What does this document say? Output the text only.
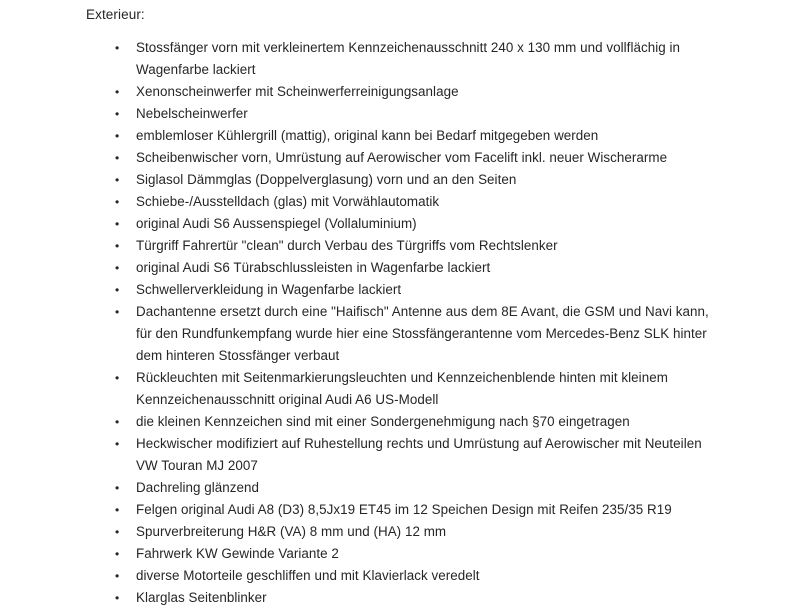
Exterieur:

• Stossfänger vorn mit verkleinertem Kennzeichenausschnitt 240 x 130 mm und vollflächig in Wagenfarbe lackiert
• Xenonscheinwerfer mit Scheinwerferreinigungsanlage
• Nebelscheinwerfer
• emblemloser Kühlergrill (mattig), original kann bei Bedarf mitgegeben werden
• Scheibenwischer vorn, Umrüstung auf Aerowischer vom Facelift inkl. neuer Wischerarme
• Siglasol Dämmglas (Doppelverglasung) vorn und an den Seiten
• Schiebe-/Ausstelldach (glas) mit Vorwählautomatik
• original Audi S6 Aussenspiegel (Vollaluminium)
• Türgriff Fahrertür "clean" durch Verbau des Türgriffs vom Rechtslenker
• original Audi S6 Türabschlussleisten in Wagenfarbe lackiert
• Schwellerverkleidung in Wagenfarbe lackiert
• Dachantenne ersetzt durch eine "Haifisch" Antenne aus dem 8E Avant, die GSM und Navi kann, für den Rundfunkempfang wurde hier eine Stossfängerantenne vom Mercedes-Benz SLK hinter dem hinteren Stossfänger verbaut
• Rückleuchten mit Seitenmarkierungsleuchten und Kennzeichenblende hinten mit kleinem Kennzeichenausschnitt original Audi A6 US-Modell
• die kleinen Kennzeichen sind mit einer Sondergenehmigung nach §70 eingetragen
• Heckwischer modifiziert auf Ruhestellung rechts und Umrüstung auf Aerowischer mit Neuteilen VW Touran MJ 2007
• Dachreling glänzend
• Felgen original Audi A8 (D3) 8,5Jx19 ET45 im 12 Speichen Design mit Reifen 235/35 R19
• Spurverbreiterung H&R (VA) 8 mm und (HA) 12 mm
• Fahrwerk KW Gewinde Variante 2
• diverse Motorteile geschliffen und mit Klavierlack veredelt
• Klarglas Seitenblinker
